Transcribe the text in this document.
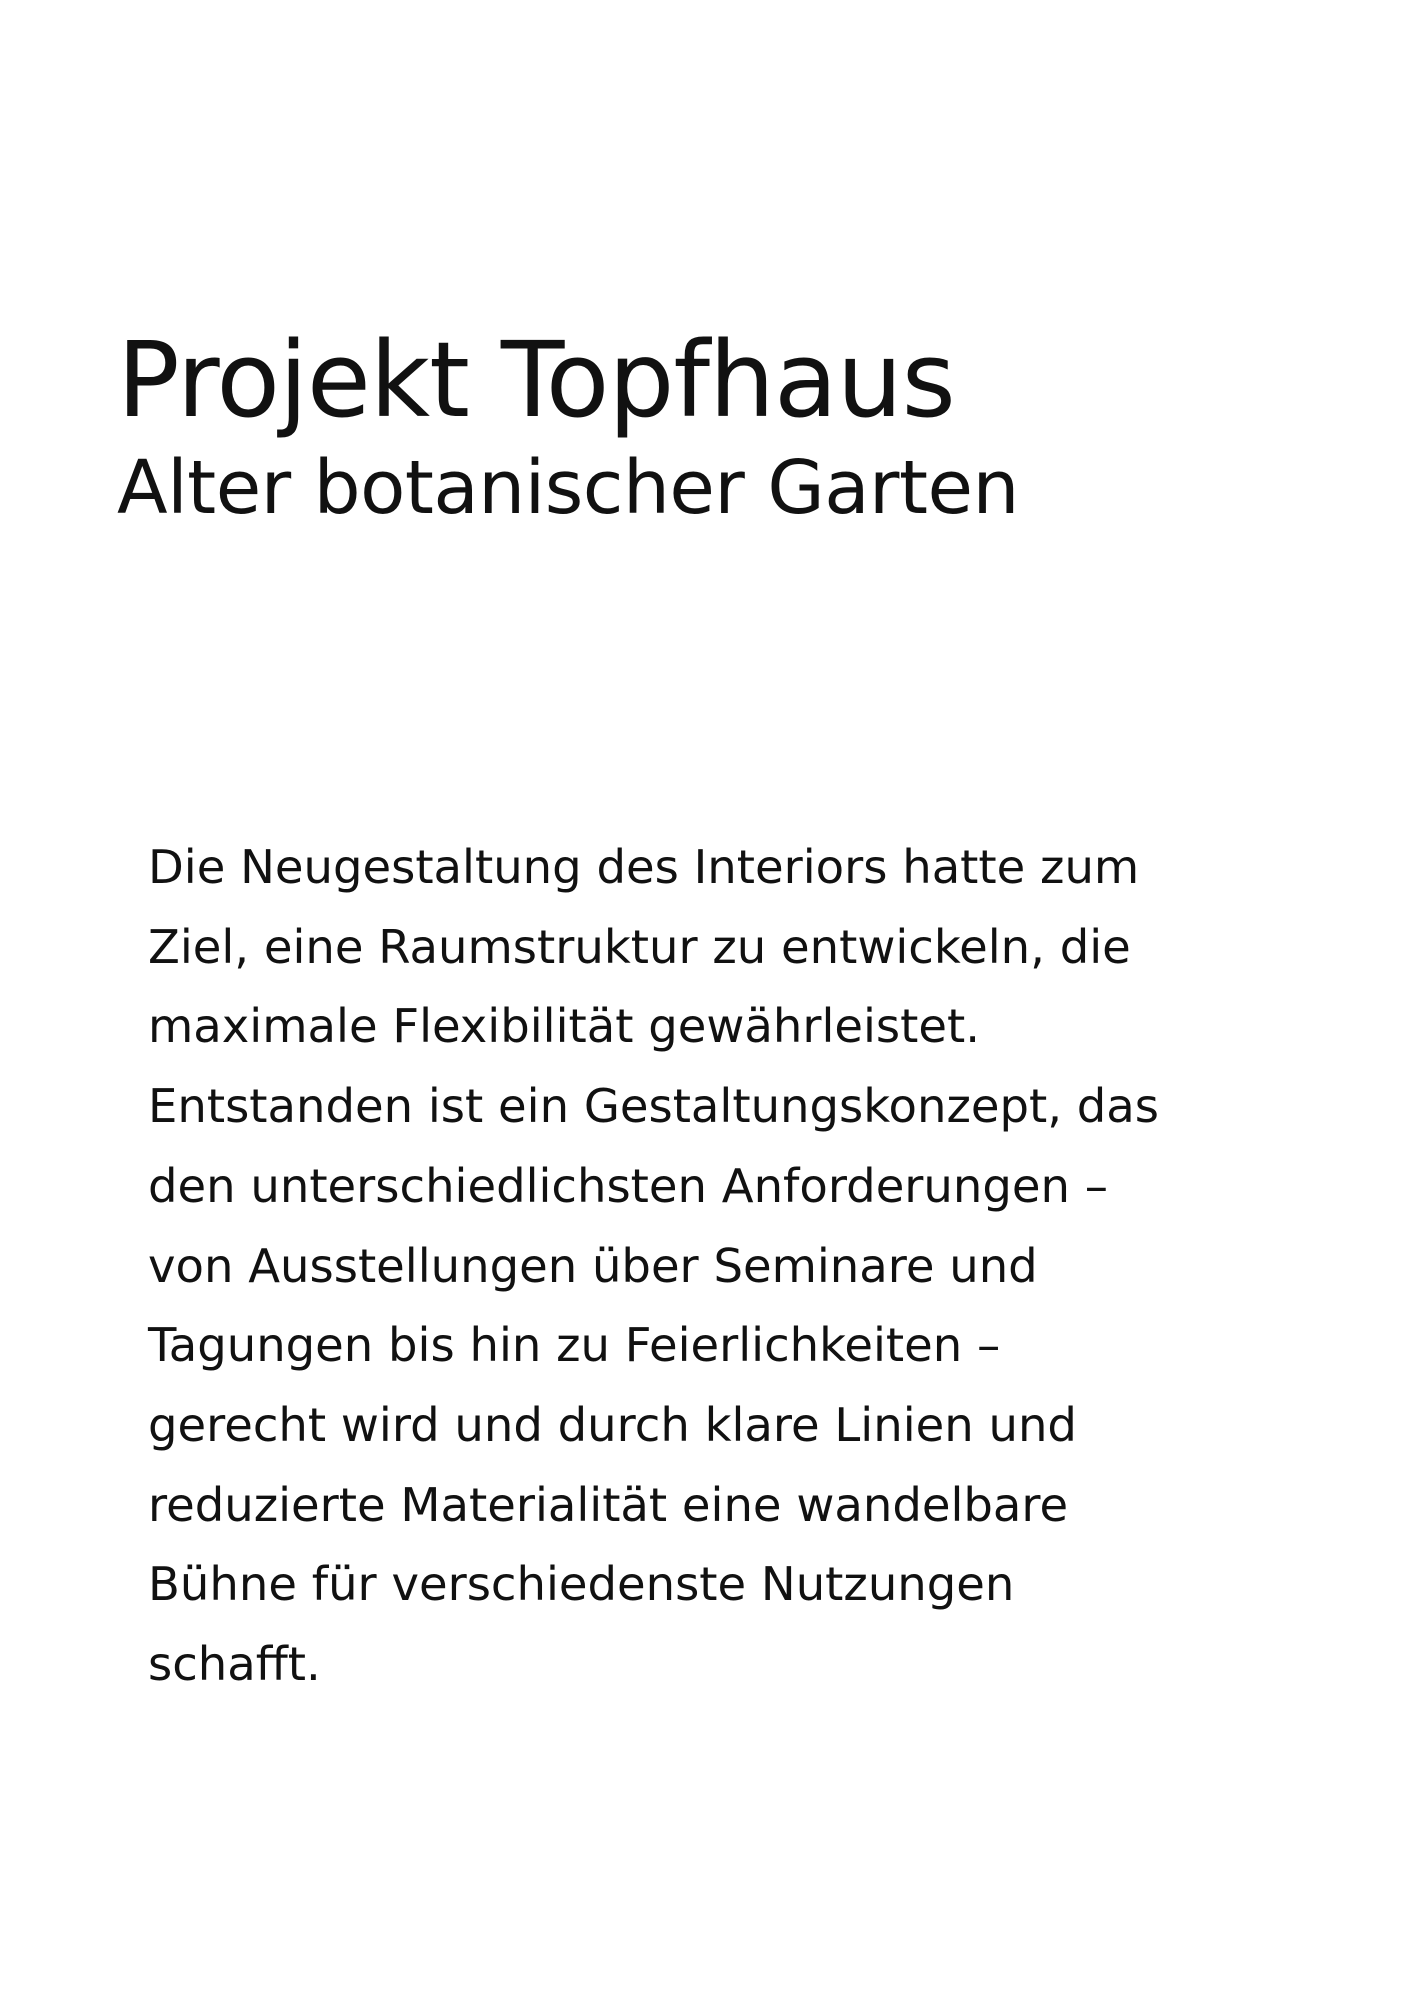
Projekt Topfhaus
Alter botanischer Garten
Die Neugestaltung des Interiors hatte zum
Ziel, eine Raumstruktur zu entwickeln, die
maximale Flexibilität gewährleistet.
Entstanden ist ein Gestaltungskonzept, das
den unterschiedlichsten Anforderungen –
von Ausstellungen über Seminare und
Tagungen bis hin zu Feierlichkeiten –
gerecht wird und durch klare Linien und
reduzierte Materialität eine wandelbare
Bühne für verschiedenste Nutzungen
schafft.
